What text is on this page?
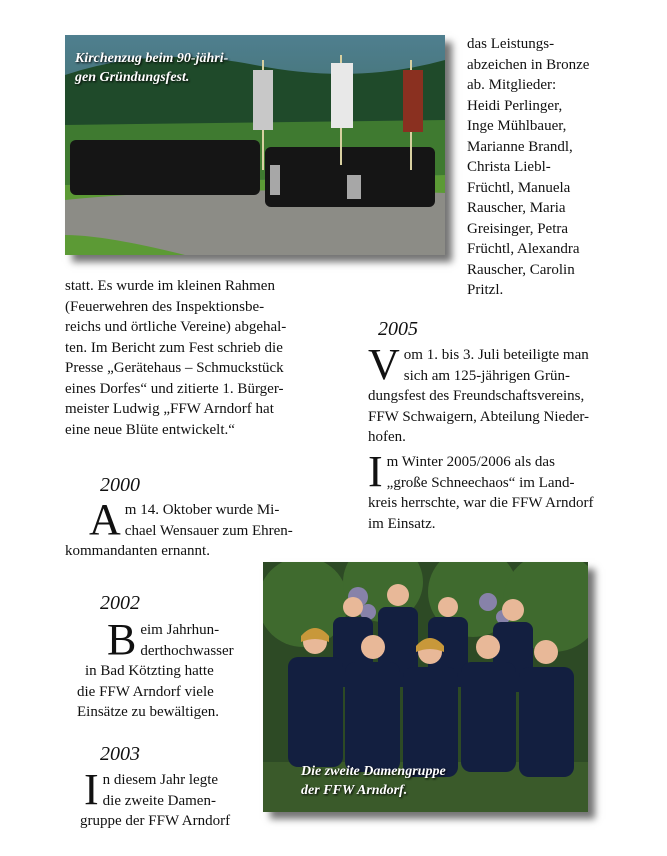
Kirchenzug beim 90-jähri-
gen Gründungsfest.
das Leistungs-
abzeichen in Bronze
ab. Mitglieder:
Heidi Perlinger,
Inge Mühlbauer,
Marianne Brandl,
Christa Liebl-
Früchtl, Manuela
Rauscher, Maria
Greisinger, Petra
Früchtl, Alexandra
Rauscher, Carolin
Pritzl.
statt. Es wurde im kleinen Rahmen
(Feuerwehren des Inspektionsbe-
reichs und örtliche Vereine) abgehal-
ten. Im Bericht zum Fest schrieb die
Presse „Gerätehaus – Schmuckstück
eines Dorfes“ und zitierte 1. Bürger-
meister Ludwig „FFW Arndorf hat
eine neue Blüte entwickelt.“
2005
V om 1. bis 3. Juli beteiligte man
sich am 125-jährigen Grün-
dungsfest des Freundschaftsvereins,
FFW Schwaigern, Abteilung Nieder-
hofen.
I m Winter 2005/2006 als das
„große Schneechaos“ im Land-
kreis herrschte, war die FFW Arndorf
im Einsatz.
2000
A m 14. Oktober wurde Mi-
chael Wensauer zum Ehren-
kommandanten ernannt.
2002
B eim Jahrhun-
derthochwasser
in Bad Kötzting hatte
die FFW Arndorf viele
Einsätze zu bewältigen.
2003
I n diesem Jahr legte
die zweite Damen-
gruppe der FFW Arndorf
Die zweite Damengruppe
der FFW Arndorf.
